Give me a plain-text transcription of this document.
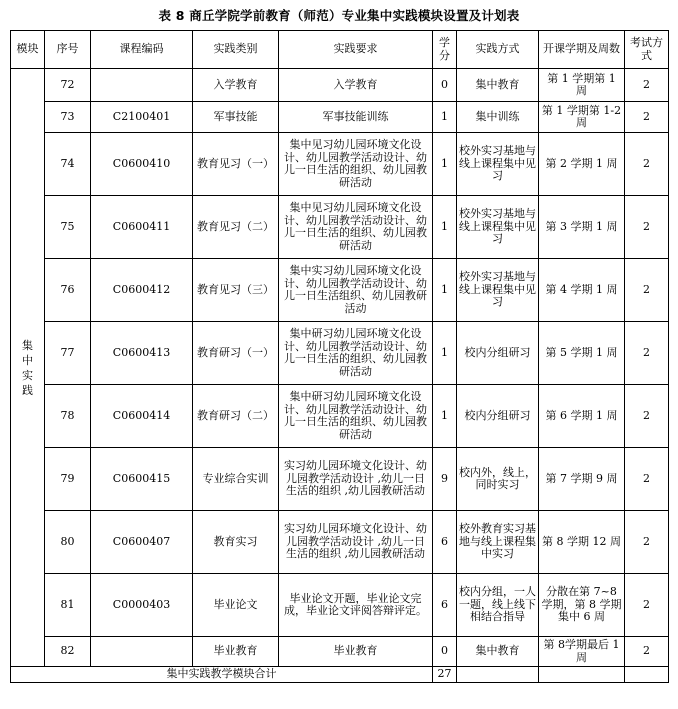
表 8 商丘学院学前教育（师范）专业集中实践模块设置及计划表
模块	序号	课程编码	实践类别	实践要求	学分	实践方式	开课学期及周数	考试方式
集中实践	72		入学教育	入学教育	0	集中教育	第 1 学期第 1 周	2
	73	C2100401	军事技能	军事技能训练	1	集中训练	第 1 学期第 1-2 周	2
	74	C0600410	教育见习（一）	集中见习幼儿园环境文化设计、幼儿园教学活动设计、幼儿一日生活的组织、幼儿园教研活动	1	校外实习基地与线上课程集中见习	第 2 学期 1 周	2
	75	C0600411	教育见习（二）	集中见习幼儿园环境文化设计、幼儿园教学活动设计、幼儿一日生活的组织、幼儿园教研活动	1	校外实习基地与线上课程集中见习	第 3 学期 1 周	2
	76	C0600412	教育见习（三）	集中实习幼儿园环境文化设计、幼儿园教学活动设计、幼儿一日生活组织、幼儿园教研活动	1	校外实习基地与线上课程集中见习	第 4 学期 1 周	2
	77	C0600413	教育研习（一）	集中研习幼儿园环境文化设计、幼儿园教学活动设计、幼儿一日生活的组织、幼儿园教研活动	1	校内分组研习	第 5 学期 1 周	2
	78	C0600414	教育研习（二）	集中研习幼儿园环境文化设计、幼儿园教学活动设计、幼儿一日生活的组织、幼儿园教研活动	1	校内分组研习	第 6 学期 1 周	2
	79	C0600415	专业综合实训	实习幼儿园环境文化设计、幼儿园教学活动设计 ,幼儿一日生活的组织 ,幼儿园教研活动	9	校内外，线上，同时实习	第 7 学期 9 周	2
	80	C0600407	教育实习	实习幼儿园环境文化设计、幼儿园教学活动设计 ,幼儿一日生活的组织 ,幼儿园教研活动	6	校外教育实习基地与线上课程集中实习	第 8 学期 12 周	2
	81	C0000403	毕业论文	毕业论文开题，毕业论文完成，毕业论文评阅答辩评定。	6	校内分组，一人一题，线上线下相结合指导	分散在第 7~8 学期，第 8 学期集中 6 周	2
	82		毕业教育	毕业教育	0	集中教育	第 8学期最后 1 周	2
集中实践教学模块合计					27			
